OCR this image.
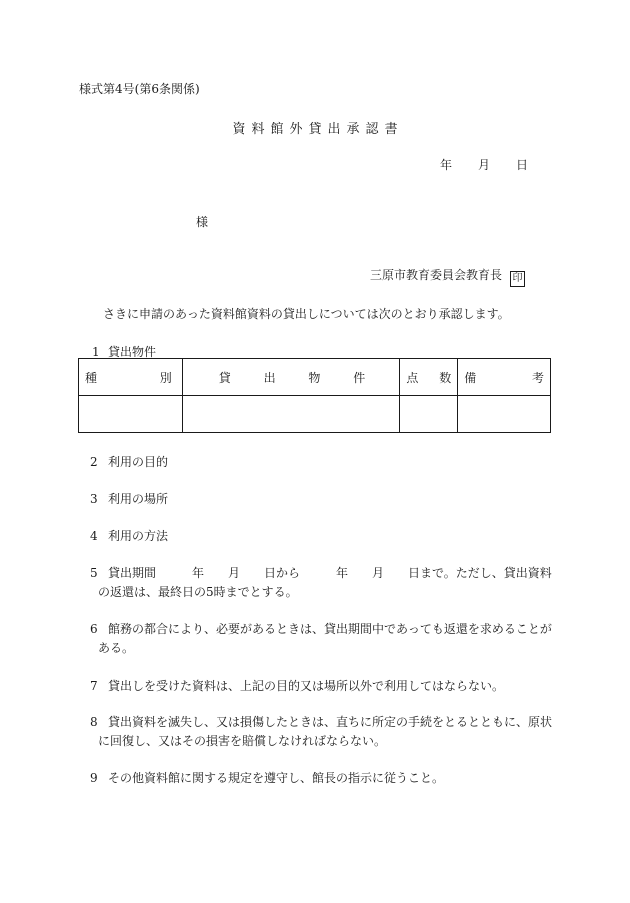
様式第4号(第6条関係)
資料館外貸出承認書
年 月 日
様
三原市教育委員会教育長 印
さきに申請のあった資料館資料の貸出しについては次のとおり承認します。
1 貸出物件
種 別	貸 出 物 件	点 数	備 考

2 利用の目的
3 利用の場所
4 利用の方法
5 貸出期間　　　年　　月　　日から　　　年　　月　　日まで。ただし、貸出資料
の返還は、最終日の5時までとする。
6 館務の都合により、必要があるときは、貸出期間中であっても返還を求めることが
ある。
7 貸出しを受けた資料は、上記の目的又は場所以外で利用してはならない。
8 貸出資料を滅失し、又は損傷したときは、直ちに所定の手続をとるとともに、原状
に回復し、又はその損害を賠償しなければならない。
9 その他資料館に関する規定を遵守し、館長の指示に従うこと。
